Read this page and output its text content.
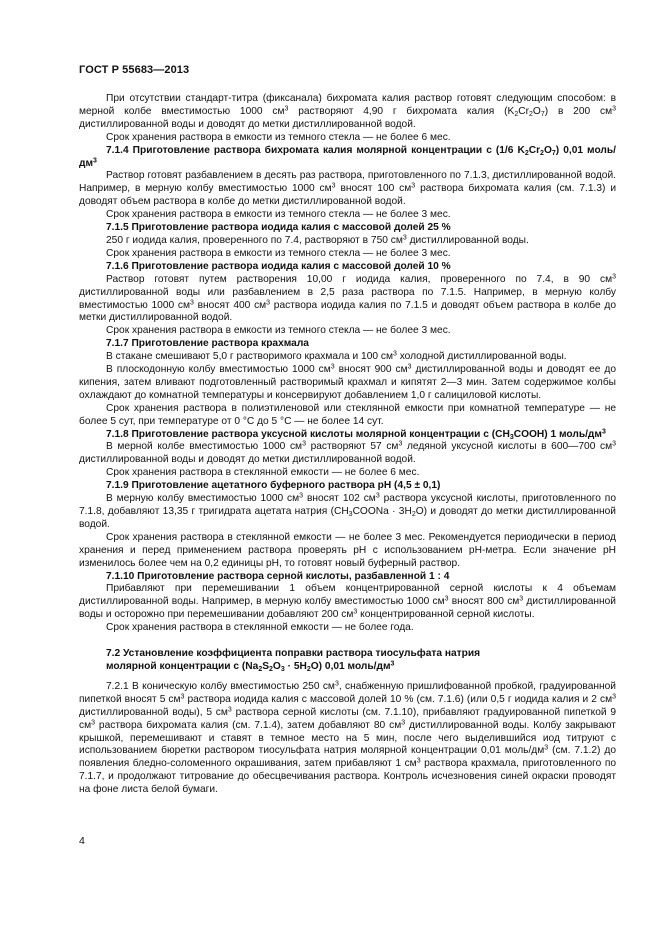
ГОСТ Р 55683—2013

При отсутствии стандарт-титра (фиксанала) бихромата калия раствор готовят следующим способом: в мерной колбе вместимостью 1000 $см^3$ растворяют 4,90 г бихромата калия $(K_2Cr_2O_7)$ в 200 $см^3$ дистиллированной воды и доводят до метки дистиллированной водой.

Срок хранения раствора в емкости из темного стекла — не более 6 мес.

7.1.4 Приготовление раствора бихромата калия молярной концентрации с (1/6 $K_2Cr_2O_7$) 0,01 моль/$дм^3$

Раствор готовят разбавлением в десять раз раствора, приготовленного по 7.1.3, дистиллированной водой. Например, в мерную колбу вместимостью 1000 $см^3$ вносят 100 $см^3$ раствора бихромата калия (см. 7.1.3) и доводят объем раствора в колбе до метки дистиллированной водой.

Срок хранения раствора в емкости из темного стекла — не более 3 мес.

7.1.5 Приготовление раствора иодида калия с массовой долей 25 %

250 г иодида калия, проверенного по 7.4, растворяют в 750 $см^3$ дистиллированной воды.

Срок хранения раствора в емкости из темного стекла — не более 3 мес.

7.1.6 Приготовление раствора иодида калия с массовой долей 10 %

Раствор готовят путем растворения 10,00 г иодида калия, проверенного по 7.4, в 90 $см^3$ дистиллированной воды или разбавлением в 2,5 раза раствора по 7.1.5. Например, в мерную колбу вместимостью 1000 $см^3$ вносят 400 $см^3$ раствора иодида калия по 7.1.5 и доводят объем раствора в колбе до метки дистиллированной водой.

Срок хранения раствора в емкости из темного стекла — не более 3 мес.

7.1.7 Приготовление раствора крахмала

В стакане смешивают 5,0 г растворимого крахмала и 100 $см^3$ холодной дистиллированной воды.

В плоскодонную колбу вместимостью 1000 $см^3$ вносят 900 $см^3$ дистиллированной воды и доводят ее до кипения, затем вливают подготовленный растворимый крахмал и кипятят 2—3 мин. Затем содержимое колбы охлаждают до комнатной температуры и консервируют добавлением 1,0 г салициловой кислоты.

Срок хранения раствора в полиэтиленовой или стеклянной емкости при комнатной температуре — не более 5 сут, при температуре от 0 °С до 5 °С — не более 14 сут.

7.1.8 Приготовление раствора уксусной кислоты молярной концентрации с $(CH_3COOH)$ 1 моль/$дм^3$

В мерной колбе вместимостью 1000 $см^3$ растворяют 57 $см^3$ ледяной уксусной кислоты в 600—700 $см^3$ дистиллированной воды и доводят до метки дистиллированной водой.

Срок хранения раствора в стеклянной емкости — не более 6 мес.

7.1.9 Приготовление ацетатного буферного раствора pH (4,5 ± 0,1)

В мерную колбу вместимостью 1000 $см^3$ вносят 102 $см^3$ раствора уксусной кислоты, приготовленного по 7.1.8, добавляют 13,35 г тригидрата ацетата натрия $(CH_3COONa \cdot 3H_2O)$ и доводят до метки дистиллированной водой.

Срок хранения раствора в стеклянной емкости — не более 3 мес. Рекомендуется периодически в период хранения и перед применением раствора проверять pH с использованием pH-метра. Если значение pH изменилось более чем на 0,2 единицы pH, то готовят новый буферный раствор.

7.1.10 Приготовление раствора серной кислоты, разбавленной 1 : 4

Прибавляют при перемешивании 1 объем концентрированной серной кислоты к 4 объемам дистиллированной воды. Например, в мерную колбу вместимостью 1000 $см^3$ вносят 800 $см^3$ дистиллированной воды и осторожно при перемешивании добавляют 200 $см^3$ концентрированной серной кислоты.

Срок хранения раствора в стеклянной емкости — не более года.

7.2 Установление коэффициента поправки раствора тиосульфата натрия
молярной концентрации с $(Na_2S_2O_3 \cdot 5H_2O)$ 0,01 моль/$дм^3$

7.2.1 В коническую колбу вместимостью 250 $см^3$, снабженную пришлифованной пробкой, градуированной пипеткой вносят 5 $см^3$ раствора иодида калия с массовой долей 10 % (см. 7.1.6) (или 0,5 г иодида калия и 2 $см^3$ дистиллированной воды), 5 $см^3$ раствора серной кислоты (см. 7.1.10), прибавляют градуированной пипеткой 9 $см^3$ раствора бихромата калия (см. 7.1.4), затем добавляют 80 $см^3$ дистиллированной воды. Колбу закрывают крышкой, перемешивают и ставят в темное место на 5 мин, после чего выделившийся иод титруют с использованием бюретки раствором тиосульфата натрия молярной концентрации 0,01 моль/$дм^3$ (см. 7.1.2) до появления бледно-соломенного окрашивания, затем прибавляют 1 $см^3$ раствора крахмала, приготовленного по 7.1.7, и продолжают титрование до обесцвечивания раствора. Контроль исчезновения синей окраски проводят на фоне листа белой бумаги.

4
